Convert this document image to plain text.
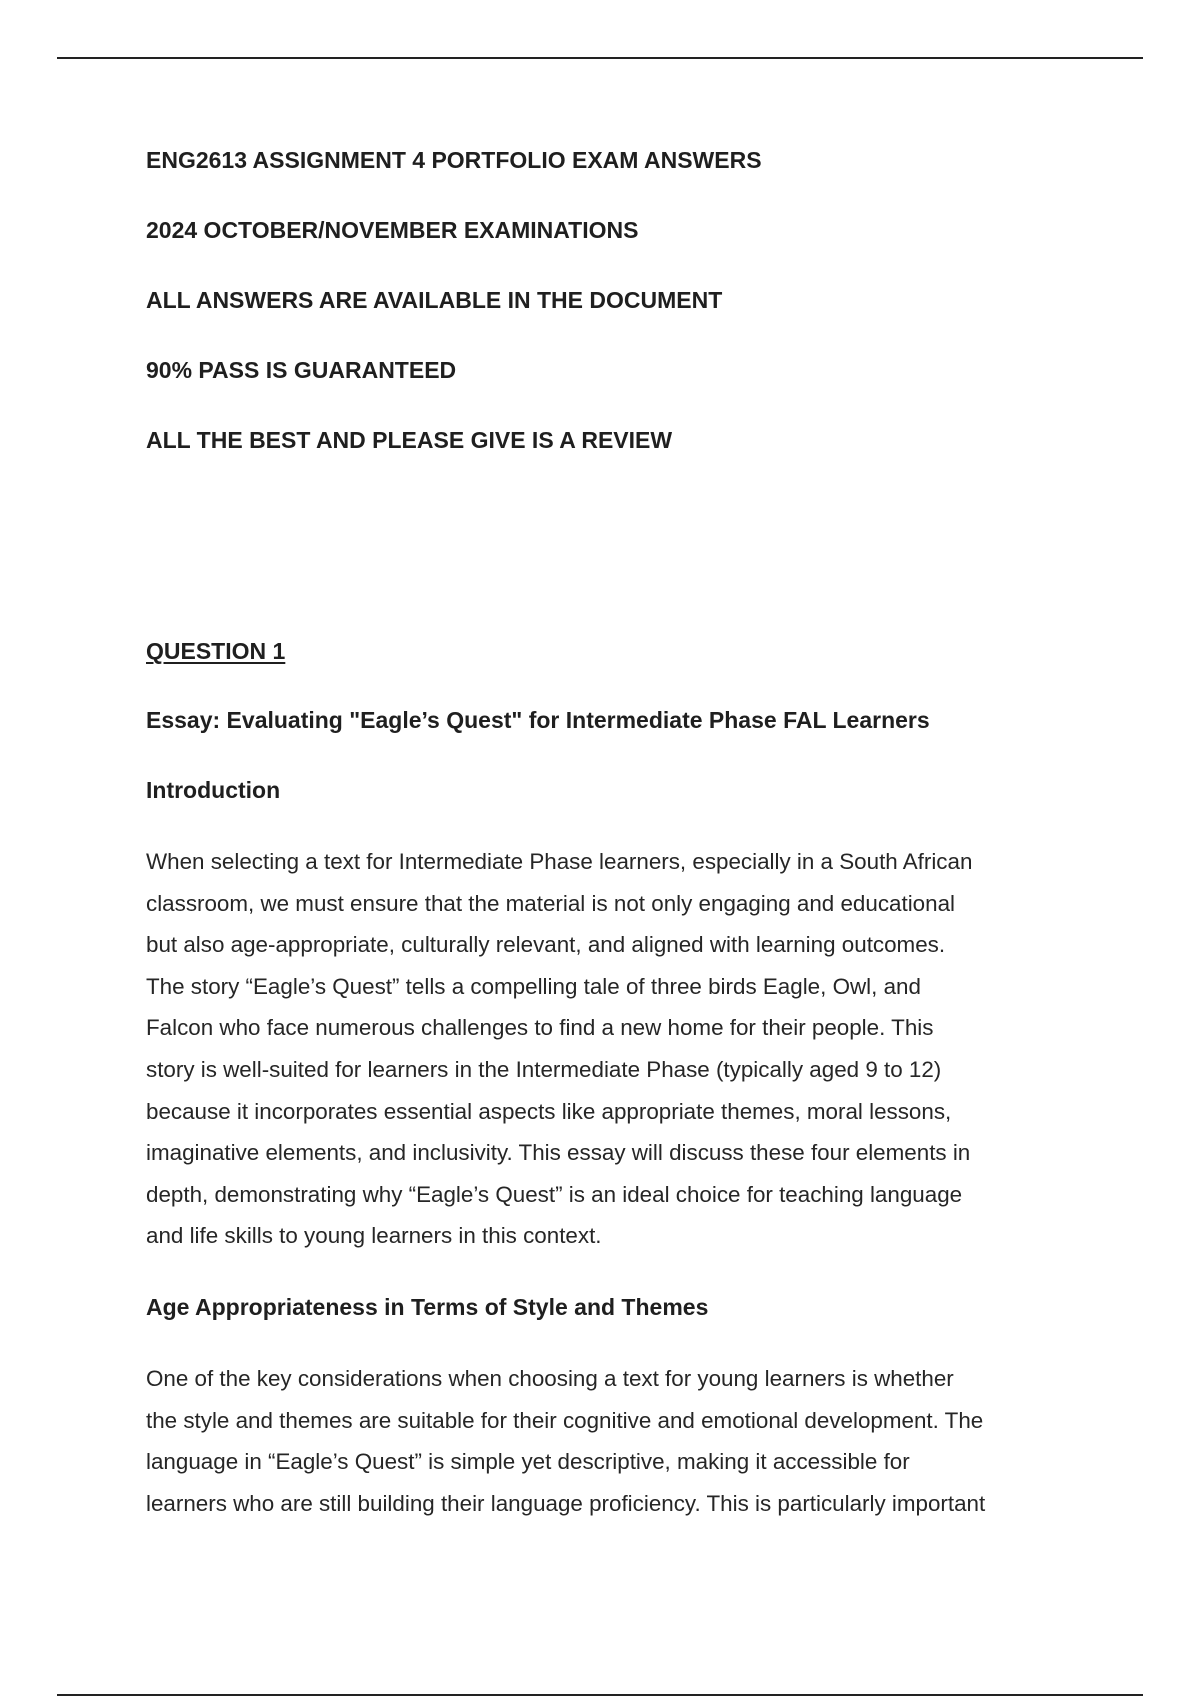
ENG2613 ASSIGNMENT 4 PORTFOLIO EXAM ANSWERS
2024 OCTOBER/NOVEMBER EXAMINATIONS
ALL ANSWERS ARE AVAILABLE IN THE DOCUMENT
90% PASS IS GUARANTEED
ALL THE BEST AND PLEASE GIVE IS A REVIEW
QUESTION 1
Essay: Evaluating "Eagle’s Quest" for Intermediate Phase FAL Learners
Introduction
When selecting a text for Intermediate Phase learners, especially in a South African
classroom, we must ensure that the material is not only engaging and educational
but also age-appropriate, culturally relevant, and aligned with learning outcomes.
The story “Eagle’s Quest” tells a compelling tale of three birds Eagle, Owl, and
Falcon who face numerous challenges to find a new home for their people. This
story is well-suited for learners in the Intermediate Phase (typically aged 9 to 12)
because it incorporates essential aspects like appropriate themes, moral lessons,
imaginative elements, and inclusivity. This essay will discuss these four elements in
depth, demonstrating why “Eagle’s Quest” is an ideal choice for teaching language
and life skills to young learners in this context.
Age Appropriateness in Terms of Style and Themes
One of the key considerations when choosing a text for young learners is whether
the style and themes are suitable for their cognitive and emotional development. The
language in “Eagle’s Quest” is simple yet descriptive, making it accessible for
learners who are still building their language proficiency. This is particularly important
